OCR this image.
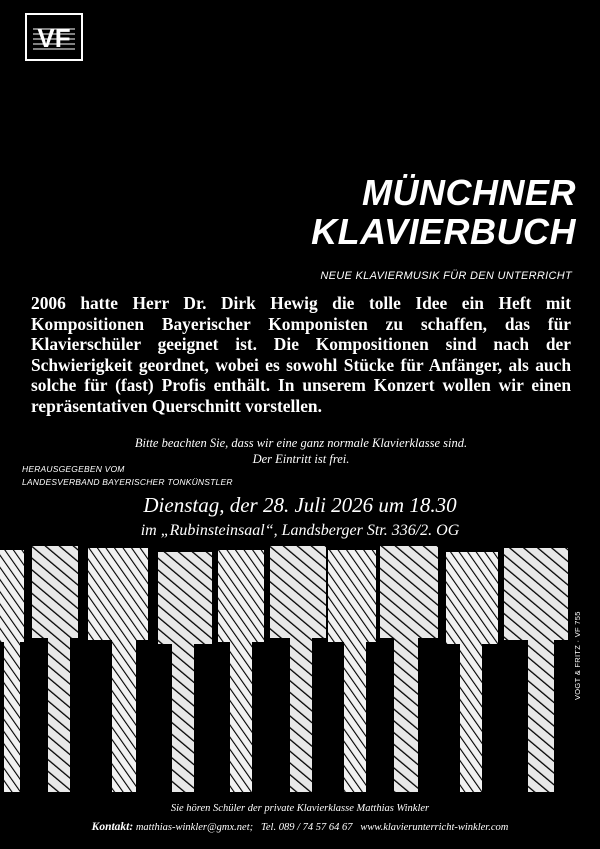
VF
MÜNCHNER
KLAVIERBUCH
NEUE KLAVIERMUSIK FÜR DEN UNTERRICHT
2006 hatte Herr Dr. Dirk Hewig die tolle Idee ein Heft mit Kompositionen Bayerischer Komponisten zu schaffen, das für Klavierschüler geeignet ist. Die Kompositionen sind nach der Schwierigkeit geordnet, wobei es sowohl Stücke für Anfänger, als auch solche für (fast) Profis enthält. In unserem Konzert wollen wir einen repräsentativen Querschnitt vorstellen.
Bitte beachten Sie, dass wir eine ganz normale Klavierklasse sind.
Der Eintritt ist frei.
HERAUSGEGEBEN VOM
LANDESVERBAND BAYERISCHER TONKÜNSTLER
Dienstag, der 28. Juli 2026 um 18.30
im „Rubinsteinsaal“, Landsberger Str. 336/2. OG
VOGT & FRITZ · VF 755
Sie hören Schüler der private Klavierklasse Matthias Winkler
Kontakt: matthias-winkler@gmx.net; Tel. 089 / 74 57 64 67 www.klavierunterricht-winkler.com
